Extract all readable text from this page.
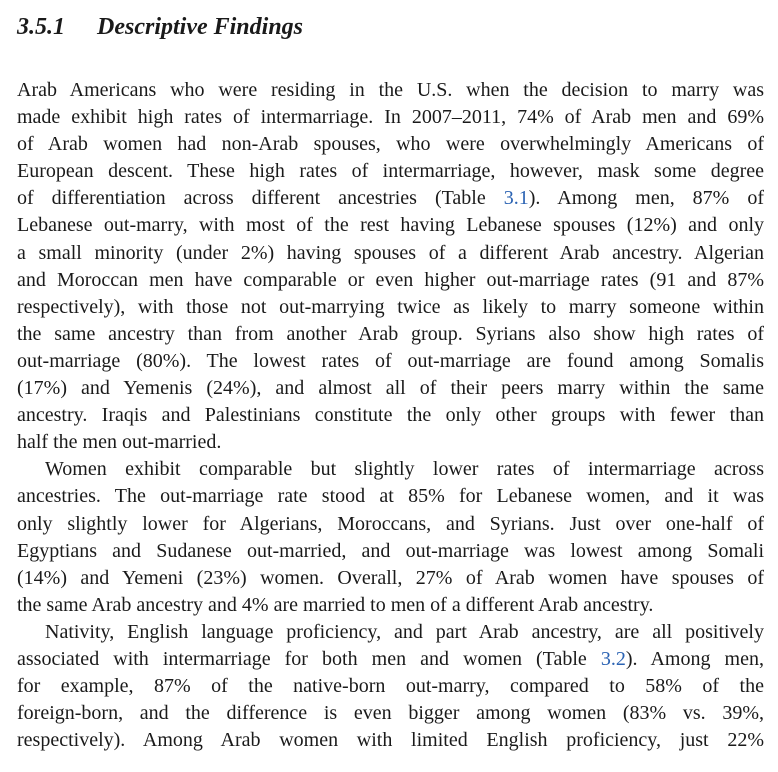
3.5.1 Descriptive Findings
Arab Americans who were residing in the U.S. when the decision to marry was
made exhibit high rates of intermarriage. In 2007–2011, 74% of Arab men and 69%
of Arab women had non-Arab spouses, who were overwhelmingly Americans of
European descent. These high rates of intermarriage, however, mask some degree
of differentiation across different ancestries (Table 3.1). Among men, 87% of
Lebanese out-marry, with most of the rest having Lebanese spouses (12%) and only
a small minority (under 2%) having spouses of a different Arab ancestry. Algerian
and Moroccan men have comparable or even higher out-marriage rates (91 and 87%
respectively), with those not out-marrying twice as likely to marry someone within
the same ancestry than from another Arab group. Syrians also show high rates of
out-marriage (80%). The lowest rates of out-marriage are found among Somalis
(17%) and Yemenis (24%), and almost all of their peers marry within the same
ancestry. Iraqis and Palestinians constitute the only other groups with fewer than
half the men out-married.
Women exhibit comparable but slightly lower rates of intermarriage across
ancestries. The out-marriage rate stood at 85% for Lebanese women, and it was
only slightly lower for Algerians, Moroccans, and Syrians. Just over one-half of
Egyptians and Sudanese out-married, and out-marriage was lowest among Somali
(14%) and Yemeni (23%) women. Overall, 27% of Arab women have spouses of
the same Arab ancestry and 4% are married to men of a different Arab ancestry.
Nativity, English language proficiency, and part Arab ancestry, are all positively
associated with intermarriage for both men and women (Table 3.2). Among men,
for example, 87% of the native-born out-marry, compared to 58% of the
foreign-born, and the difference is even bigger among women (83% vs. 39%,
respectively). Among Arab women with limited English proficiency, just 22%
